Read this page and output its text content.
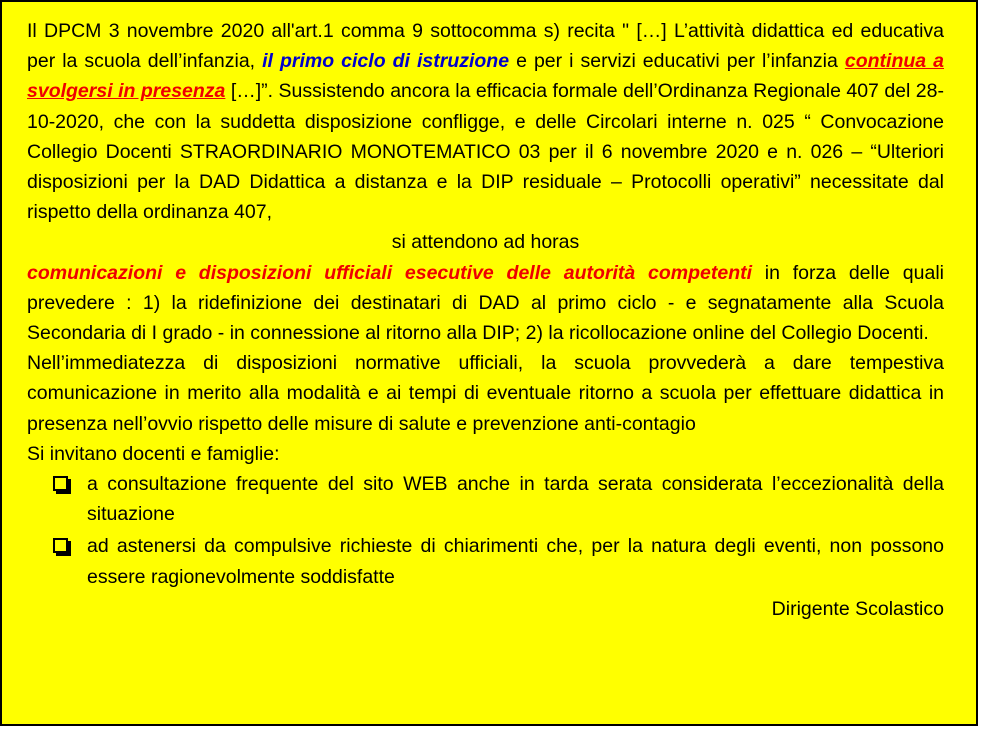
Il DPCM 3 novembre 2020 all'art.1 comma 9 sottocomma s) recita " […] L’attività didattica ed educativa per la scuola dell’infanzia, il primo ciclo di istruzione e per i servizi educativi per l’infanzia continua a svolgersi in presenza […]”. Sussistendo ancora la efficacia formale dell’Ordinanza Regionale 407 del 28-10-2020, che con la suddetta disposizione confligge, e delle Circolari interne n. 025 “ Convocazione Collegio Docenti STRAORDINARIO MONOTEMATICO 03 per il 6 novembre 2020 e n. 026 – “Ulteriori disposizioni per la DAD Didattica a distanza e la DIP residuale – Protocolli operativi” necessitate dal rispetto della ordinanza 407,

si attendono ad horas

comunicazioni e disposizioni ufficiali esecutive delle autorità competenti in forza delle quali prevedere : 1) la ridefinizione dei destinatari di DAD al primo ciclo - e segnatamente alla Scuola Secondaria di I grado - in connessione al ritorno alla DIP; 2) la ricollocazione online del Collegio Docenti.

Nell’immediatezza di disposizioni normative ufficiali, la scuola provvederà a dare tempestiva comunicazione in merito alla modalità e ai tempi di eventuale ritorno a scuola per effettuare didattica in presenza nell’ovvio rispetto delle misure di salute e prevenzione anti-contagio

Si invitano docenti e famiglie:

a consultazione frequente del sito WEB anche in tarda serata considerata l’eccezionalità della situazione
ad astenersi da compulsive richieste di chiarimenti che, per la natura degli eventi, non possono essere ragionevolmente soddisfatte

Dirigente Scolastico
